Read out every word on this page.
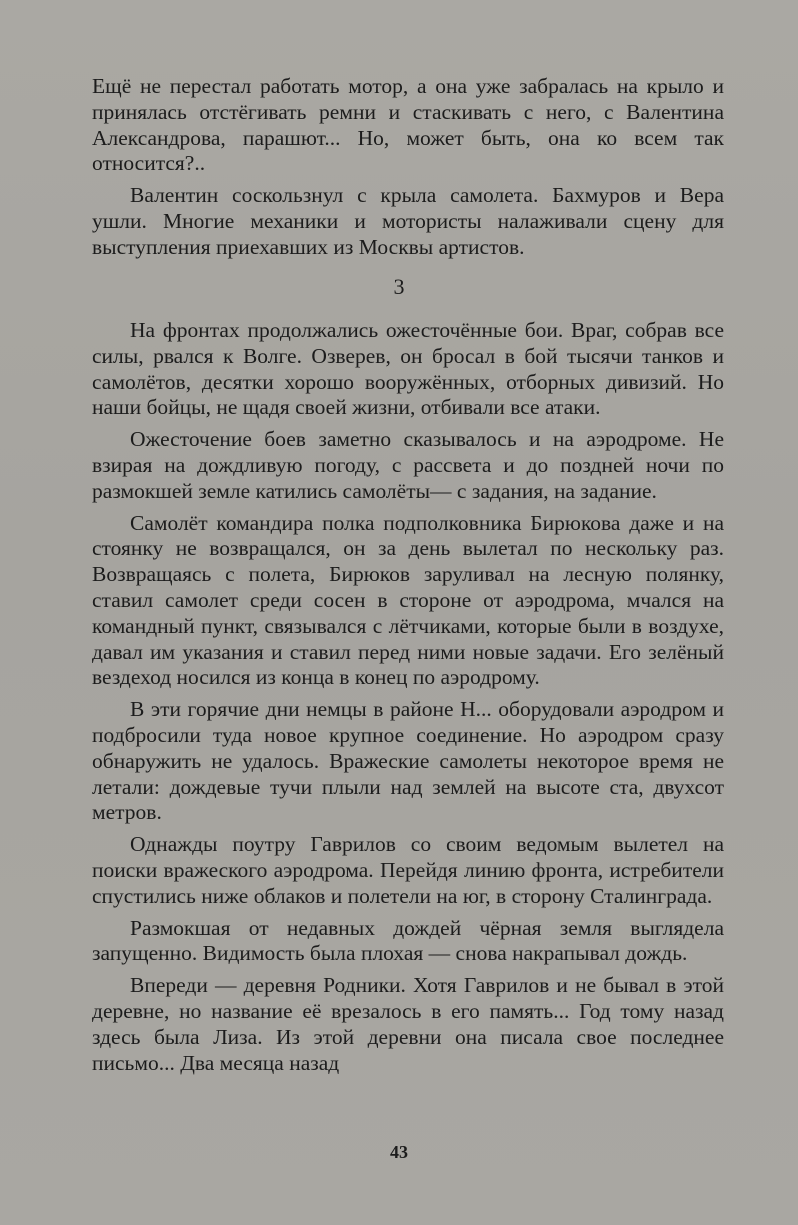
Ещё не перестал работать мотор, а она уже забралась на крыло и принялась отстёгивать ремни и стаскивать с него, с Валентина Александрова, парашют... Но, может быть, она ко всем так относится?..

Валентин соскользнул с крыла самолета. Бахмуров и Вера ушли. Многие механики и мотористы налаживали сцену для выступления приехавших из Москвы артистов.

3

На фронтах продолжались ожесточённые бои. Враг, собрав все силы, рвался к Волге. Озверев, он бросал в бой тысячи танков и самолётов, десятки хорошо вооружённых, отборных дивизий. Но наши бойцы, не щадя своей жизни, отбивали все атаки.

Ожесточение боев заметно сказывалось и на аэродроме. Не взирая на дождливую погоду, с рассвета и до поздней ночи по размокшей земле катились самолёты— с задания, на задание.

Самолёт командира полка подполковника Бирюкова даже и на стоянку не возвращался, он за день вылетал по нескольку раз. Возвращаясь с полета, Бирюков заруливал на лесную полянку, ставил самолет среди сосен в стороне от аэродрома, мчался на командный пункт, связывался с лётчиками, которые были в воздухе, давал им указания и ставил перед ними новые задачи. Его зелёный вездеход носился из конца в конец по аэродрому.

В эти горячие дни немцы в районе Н... оборудовали аэродром и подбросили туда новое крупное соединение. Но аэродром сразу обнаружить не удалось. Вражеские самолеты некоторое время не летали: дождевые тучи плыли над землей на высоте ста, двухсот метров.

Однажды поутру Гаврилов со своим ведомым вылетел на поиски вражеского аэродрома. Перейдя линию фронта, истребители спустились ниже облаков и полетели на юг, в сторону Сталинграда.

Размокшая от недавных дождей чёрная земля выглядела запущенно. Видимость была плохая — снова накрапывал дождь.

Впереди — деревня Родники. Хотя Гаврилов и не бывал в этой деревне, но название её врезалось в его память... Год тому назад здесь была Лиза. Из этой деревни она писала свое последнее письмо... Два месяца назад

43
